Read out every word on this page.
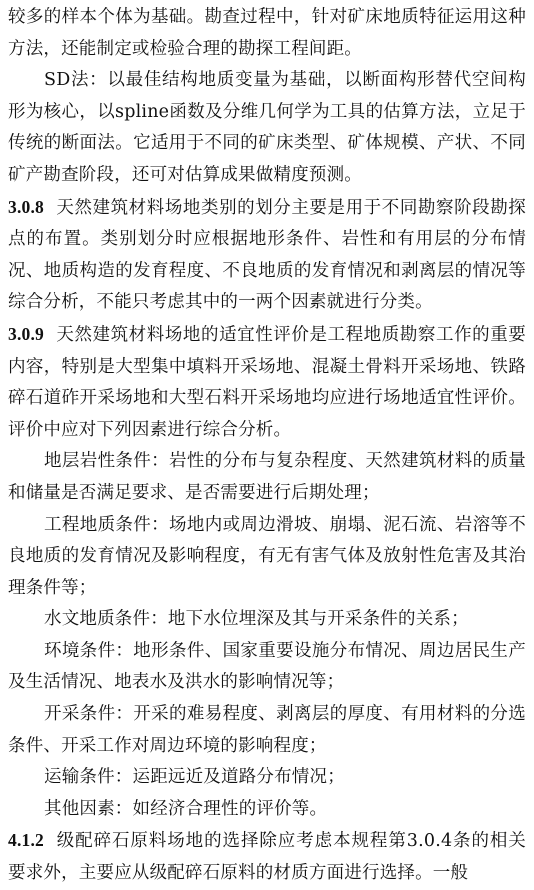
较多的样本个体为基础。勘查过程中，针对矿床地质特征运用这种方法，还能制定或检验合理的勘探工程间距。

SD法：以最佳结构地质变量为基础，以断面构形替代空间构形为核心，以spline函数及分维几何学为工具的估算方法，立足于传统的断面法。它适用于不同的矿床类型、矿体规模、产状、不同矿产勘查阶段，还可对估算成果做精度预测。

3.0.8 天然建筑材料场地类别的划分主要是用于不同勘察阶段勘探点的布置。类别划分时应根据地形条件、岩性和有用层的分布情况、地质构造的发育程度、不良地质的发育情况和剥离层的情况等综合分析，不能只考虑其中的一两个因素就进行分类。

3.0.9 天然建筑材料场地的适宜性评价是工程地质勘察工作的重要内容，特别是大型集中填料开采场地、混凝土骨料开采场地、铁路碎石道砟开采场地和大型石料开采场地均应进行场地适宜性评价。评价中应对下列因素进行综合分析。

地层岩性条件：岩性的分布与复杂程度、天然建筑材料的质量和储量是否满足要求、是否需要进行后期处理；

工程地质条件：场地内或周边滑坡、崩塌、泥石流、岩溶等不良地质的发育情况及影响程度，有无有害气体及放射性危害及其治理条件等；

水文地质条件：地下水位埋深及其与开采条件的关系；

环境条件：地形条件、国家重要设施分布情况、周边居民生产及生活情况、地表水及洪水的影响情况等；

开采条件：开采的难易程度、剥离层的厚度、有用材料的分选条件、开采工作对周边环境的影响程度；

运输条件：运距远近及道路分布情况；

其他因素：如经济合理性的评价等。

4.1.2 级配碎石原料场地的选择除应考虑本规程第3.0.4条的相关要求外，主要应从级配碎石原料的材质方面进行选择。一般
